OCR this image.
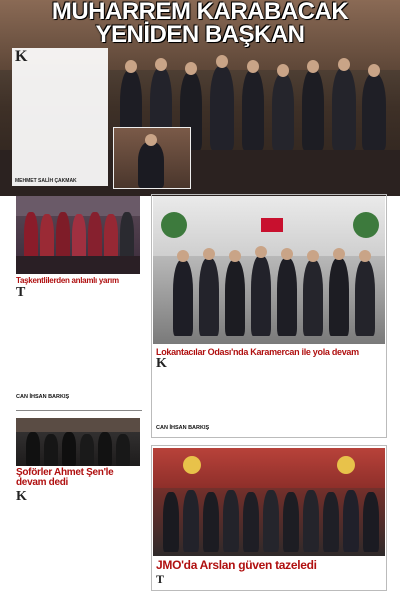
MUHARREM KARABACAK
YENİDEN BAŞKAN
K
MEHMET SALİH ÇAKMAK
Taşkentlilerden anlamlı yarım
T
CAN İHSAN BARKIŞ
Şoförler Ahmet Şen'le
devam dedi
K
Lokantacılar Odası'nda Karamercan ile yola devam
K
CAN İHSAN BARKIŞ
JMO'da Arslan güven tazeledi
T
